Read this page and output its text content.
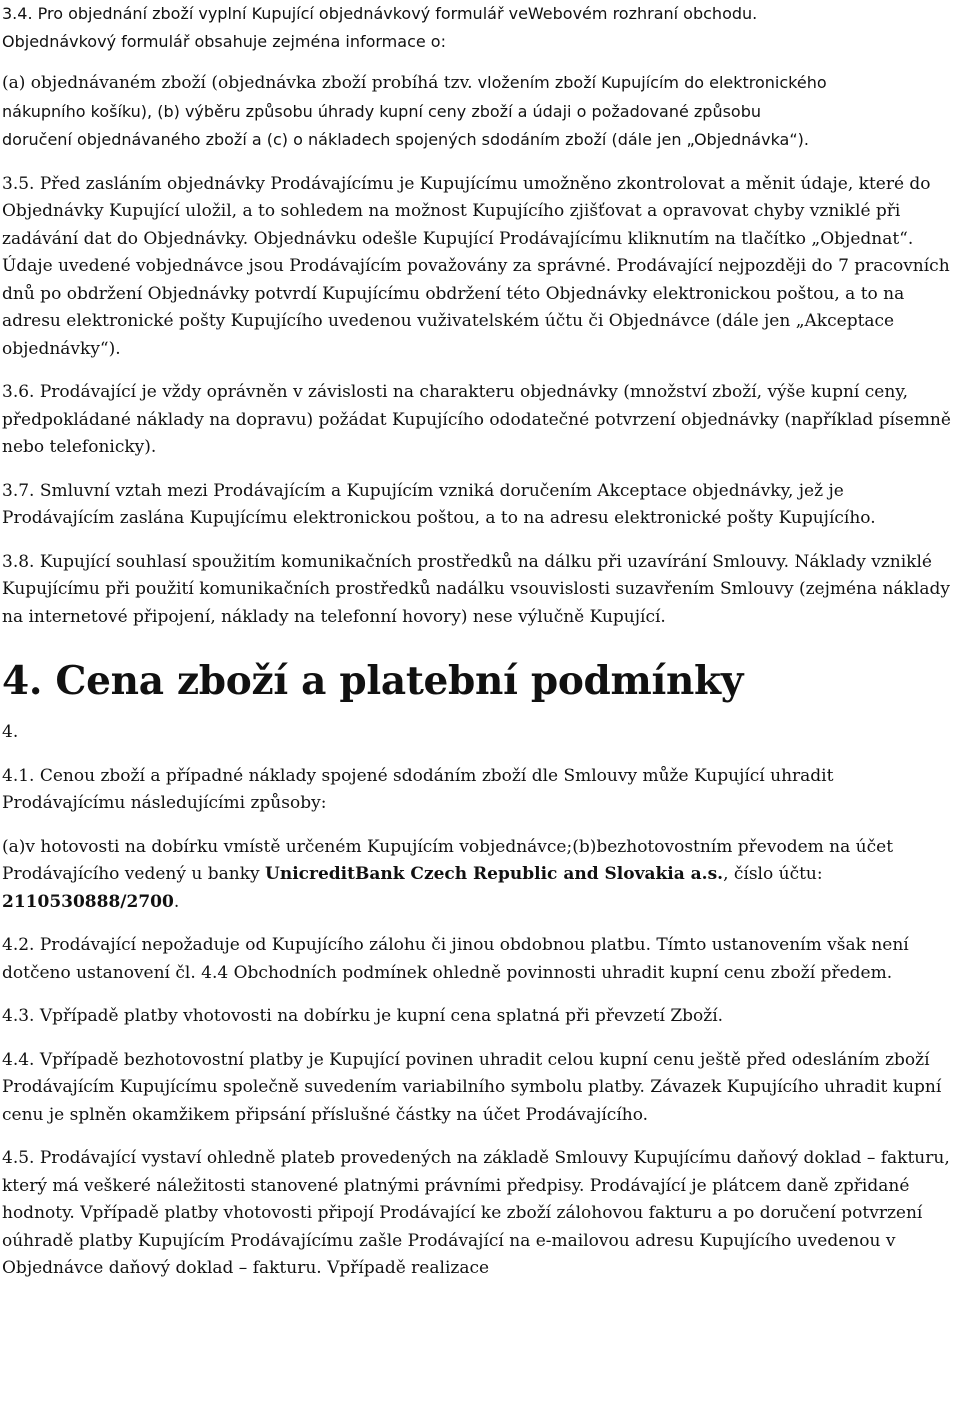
3.4. Pro objednání zboží vyplní Kupující objednávkový formulář veWebovém rozhraní obchodu.

Objednávkový formulář obsahuje zejména informace o:

(a) objednávaném zboží (objednávka zboží probíhá tzv. vložením zboží Kupujícím do elektronického
nákupního košíku), (b) výběru způsobu úhrady kupní ceny zboží a údaji o požadované způsobu
doručení objednávaného zboží a (c) o nákladech spojených sdodáním zboží (dále jen „Objednávka“).

3.5. Před zasláním objednávky Prodávajícímu je Kupujícímu umožněno zkontrolovat a měnit údaje, které do Objednávky Kupující uložil, a to sohledem na možnost Kupujícího zjišťovat a opravovat chyby vzniklé při zadávání dat do Objednávky. Objednávku odešle Kupující Prodávajícímu kliknutím na tlačítko „Objednat“. Údaje uvedené vobjednávce jsou Prodávajícím považovány za správné. Prodávající nejpozději do 7 pracovních dnů po obdržení Objednávky potvrdí Kupujícímu obdržení této Objednávky elektronickou poštou, a to na adresu elektronické pošty Kupujícího uvedenou vuživatelském účtu či Objednávce (dále jen „Akceptace objednávky“).

3.6. Prodávající je vždy oprávněn v závislosti na charakteru objednávky (množství zboží, výše kupní ceny, předpokládané náklady na dopravu) požádat Kupujícího ododatečné potvrzení objednávky (například písemně nebo telefonicky).

3.7. Smluvní vztah mezi Prodávajícím a Kupujícím vzniká doručením Akceptace objednávky, jež je Prodávajícím zaslána Kupujícímu elektronickou poštou, a to na adresu elektronické pošty Kupujícího.

3.8. Kupující souhlasí spoužitím komunikačních prostředků na dálku při uzavírání Smlouvy. Náklady vzniklé Kupujícímu při použití komunikačních prostředků nadálku vsouvislosti suzavřením Smlouvy (zejména náklady na internetové připojení, náklady na telefonní hovory) nese výlučně Kupující.

4. Cena zboží a platební podmínky

4.

4.1. Cenou zboží a případné náklady spojené sdodáním zboží dle Smlouvy může Kupující uhradit Prodávajícímu následujícími způsoby:

(a)v hotovosti na dobírku vmístě určeném Kupujícím vobjednávce;(b)bezhotovostním převodem na účet Prodávajícího vedený u banky UnicreditBank Czech Republic and Slovakia a.s., číslo účtu: 2110530888/2700.

4.2. Prodávající nepožaduje od Kupujícího zálohu či jinou obdobnou platbu. Tímto ustanovením však není dotčeno ustanovení čl. 4.4 Obchodních podmínek ohledně povinnosti uhradit kupní cenu zboží předem.

4.3. Vpřípadě platby vhotovosti na dobírku je kupní cena splatná při převzetí Zboží.

4.4. Vpřípadě bezhotovostní platby je Kupující povinen uhradit celou kupní cenu ještě před odesláním zboží Prodávajícím Kupujícímu společně suvedením variabilního symbolu platby. Závazek Kupujícího uhradit kupní cenu je splněn okamžikem připsání příslušné částky na účet Prodávajícího.

4.5. Prodávající vystaví ohledně plateb provedených na základě Smlouvy Kupujícímu daňový doklad – fakturu, který má veškeré náležitosti stanovené platnými právními předpisy. Prodávající je plátcem daně zpřidané hodnoty. Vpřípadě platby vhotovosti připojí Prodávající ke zboží zálohovou fakturu a po doručení potvrzení oúhradě platby Kupujícím Prodávajícímu zašle Prodávající na e-mailovou adresu Kupujícího uvedenou v Objednávce daňový doklad – fakturu. Vpřípadě realizace
